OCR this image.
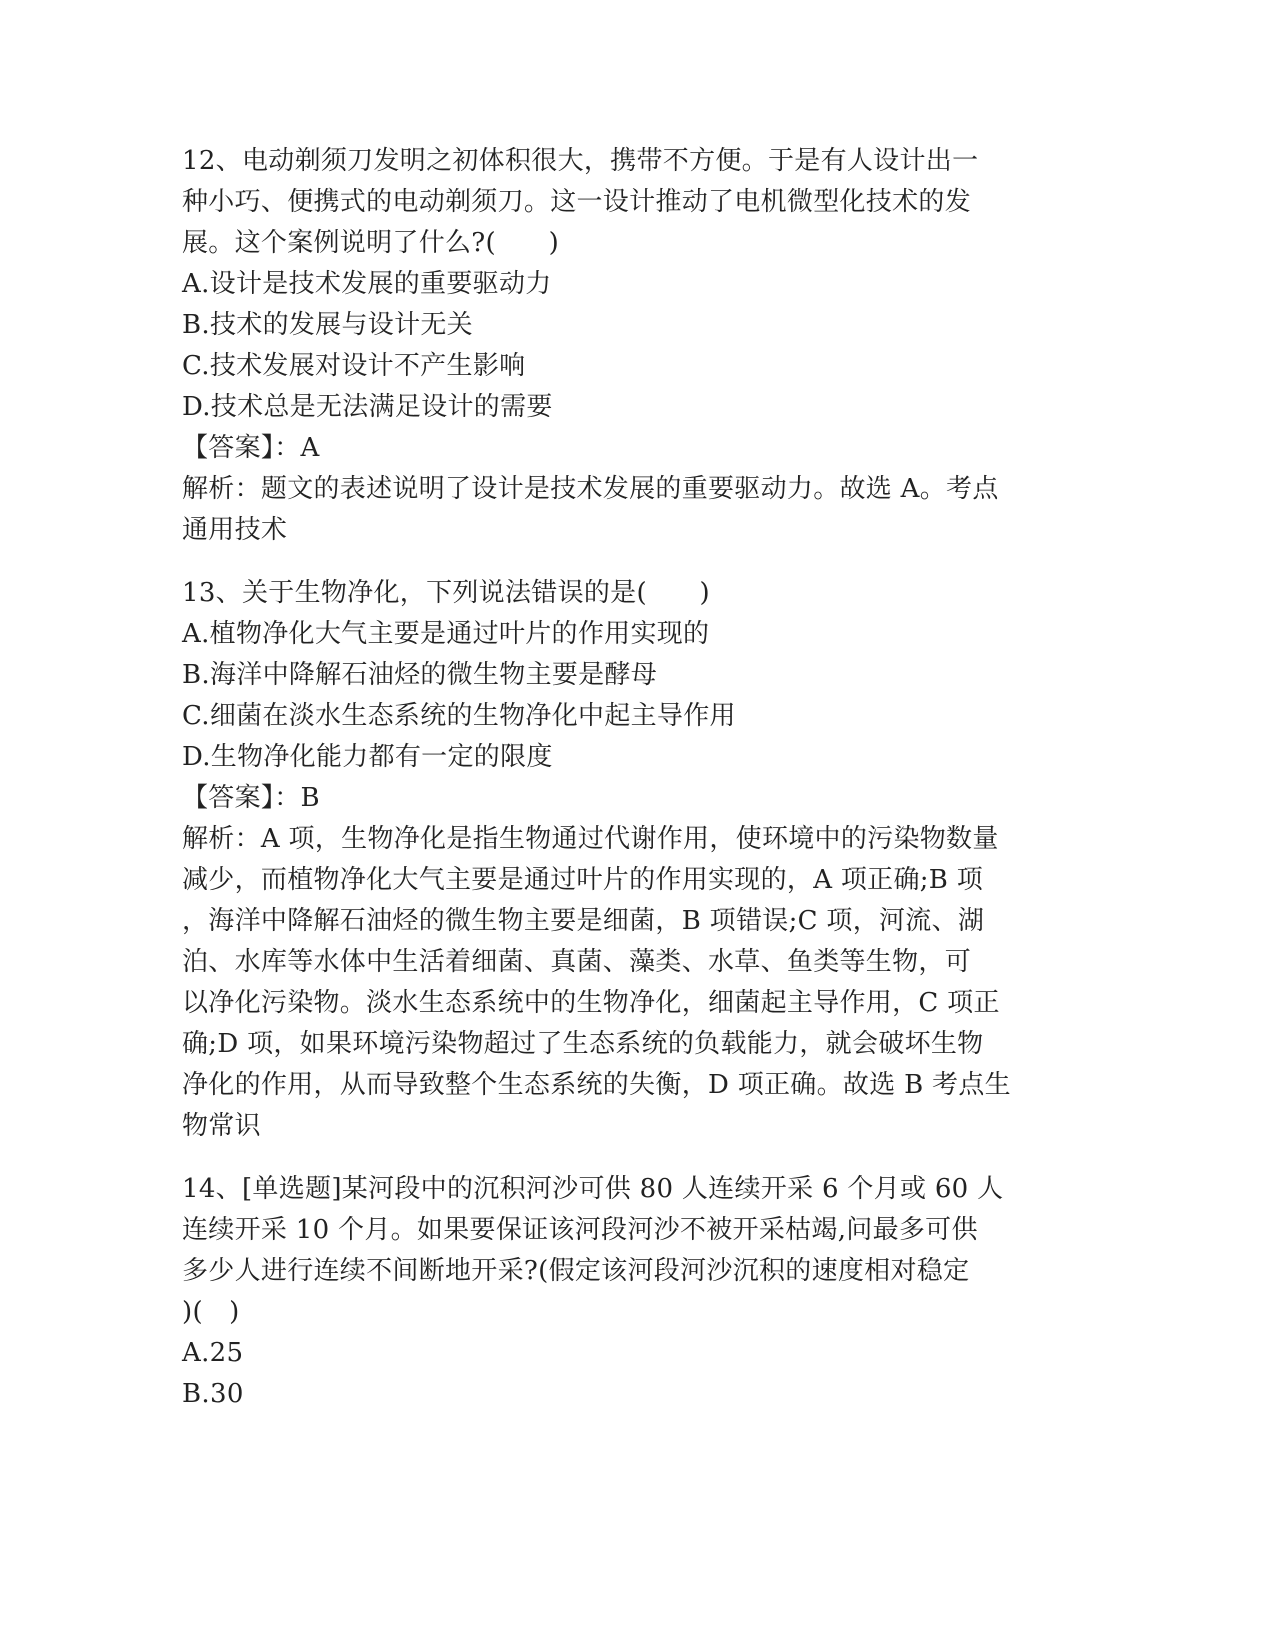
12、电动剃须刀发明之初体积很大，携带不方便。于是有人设计出一
种小巧、便携式的电动剃须刀。这一设计推动了电机微型化技术的发
展。这个案例说明了什么?(　　)
A.设计是技术发展的重要驱动力
B.技术的发展与设计无关
C.技术发展对设计不产生影响
D.技术总是无法满足设计的需要
【答案】：A
解析：题文的表述说明了设计是技术发展的重要驱动力。故选 A。考点
通用技术
13、关于生物净化，下列说法错误的是(　　)
A.植物净化大气主要是通过叶片的作用实现的
B.海洋中降解石油烃的微生物主要是酵母
C.细菌在淡水生态系统的生物净化中起主导作用
D.生物净化能力都有一定的限度
【答案】：B
解析：A 项，生物净化是指生物通过代谢作用，使环境中的污染物数量
减少，而植物净化大气主要是通过叶片的作用实现的，A 项正确;B 项
，海洋中降解石油烃的微生物主要是细菌，B 项错误;C 项，河流、湖
泊、水库等水体中生活着细菌、真菌、藻类、水草、鱼类等生物，可
以净化污染物。淡水生态系统中的生物净化，细菌起主导作用，C 项正
确;D 项，如果环境污染物超过了生态系统的负载能力，就会破坏生物
净化的作用，从而导致整个生态系统的失衡，D 项正确。故选 B 考点生
物常识
14、[单选题]某河段中的沉积河沙可供 80 人连续开采 6 个月或 60 人
连续开采 10 个月。如果要保证该河段河沙不被开采枯竭,问最多可供
多少人进行连续不间断地开采?(假定该河段河沙沉积的速度相对稳定
)(　)
A.25
B.30
